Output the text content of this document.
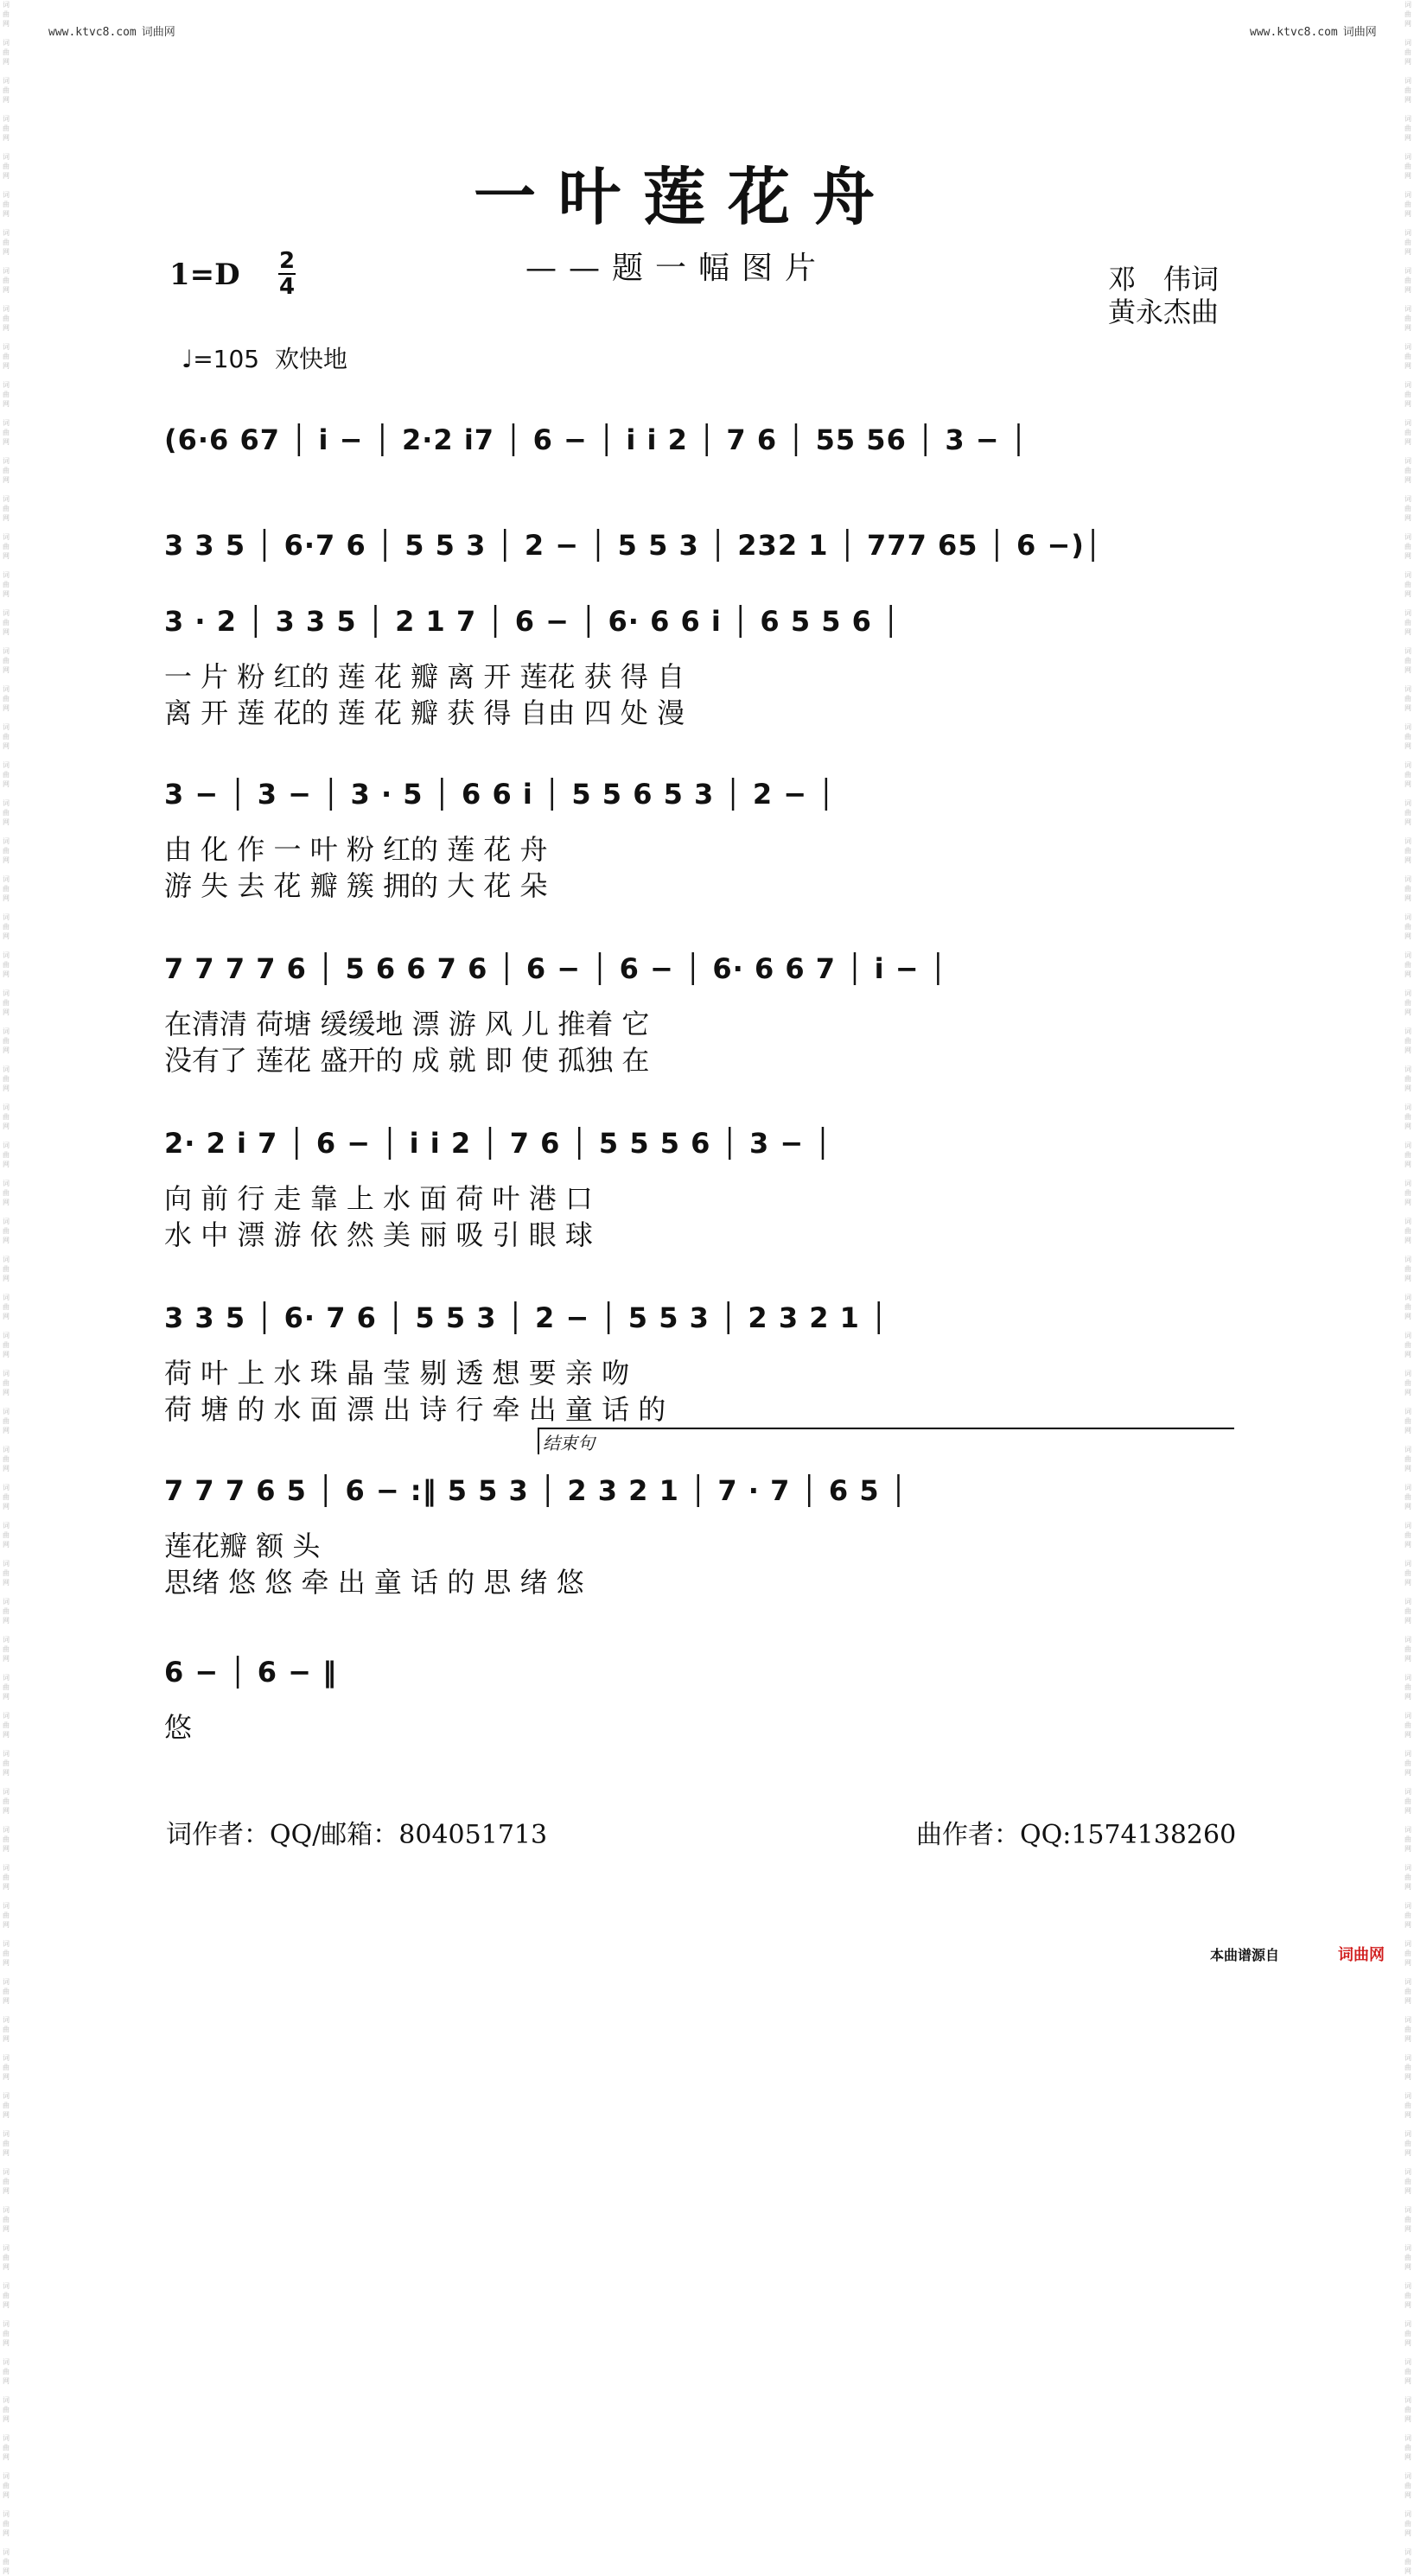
www.ktvc8.com 词曲网	www.ktvc8.com 词曲网
词
曲
网

词
曲
网

词
曲
网

词
曲
网

词
曲
网

词
曲
网

词
曲
网

词
曲
网

词
曲
网

词
曲
网

词
曲
网

词
曲
网

词
曲
网

词
曲
网

词
曲
网

词
曲
网

词
曲
网

词
曲
网

词
曲
网

词
曲
网

词
曲
网

词
曲
网

词
曲
网

词
曲
网

词
曲
网

词
曲
网

词
曲
网

词
曲
网

词
曲
网

词
曲
网

词
曲
网

词
曲
网

词
曲
网

词
曲
网

词
曲
网

词
曲
网

词
曲
网

词
曲
网

词
曲
网

词
曲
网

词
曲
网

词
曲
网

词
曲
网

词
曲
网

词
曲
网

词
曲
网

词
曲
网

词
曲
网

词
曲
网

词
曲
网

词
曲
网

词
曲
网

词
曲
网

词
曲
网

词
曲
网

词
曲
网

词
曲
网

词
曲
网

词
曲
网

词
曲
网

词
曲
网

词
曲
网

词
曲
网

词
曲
网

词
曲
网

词
曲
网

词
曲
网

词
曲
网

词
曲
网

词
曲
网

词
曲
网

词
曲
网

词
曲
网

词
曲
网

词
曲
网

词
曲
网

词
曲
网

词
曲
网

词
曲
网

词
曲
网

词
曲
网

词
曲
网

词
曲
网

词
曲
网

词
曲
网

词
曲
网

词
曲
网

词
曲
网

词
曲
网

词
曲
网

词
曲
网

词
曲
网

词
曲
网

词
曲
网

词
曲
网

词
曲
网

词
曲
网

词
曲
网

词
曲
网

词
曲
网

词
曲
网

词
曲
网

词
曲
网

词
曲
网

词
曲
网

词
曲
网

词
曲
网

词
曲
网

词
曲
网

词
曲
网

词
曲
网

词
曲
网

词
曲
网

词
曲
网

词
曲
网

词
曲
网

词
曲
网

词
曲
网

词
曲
网

词
曲
网

词
曲
网

词
曲
网

词
曲
网

词
曲
网

词
曲
网

词
曲
网

词
曲
网

词
曲
网

词
曲
网

词
曲
网

词
曲
网

词
曲
网

词
曲
网

词
曲
网

词
曲
网

词
曲
网

一叶莲花舟
——题一幅图片
1=D 2
4
♩=105 欢快地
邓　伟词
黄永杰曲
(6·6 67 │ i − │ 2·2 i7 │ 6 − │ i i 2 │ 7 6 │ 55 56 │ 3 − │
3 3 5 │ 6·7 6 │ 5 5 3 │ 2 − │ 5 5 3 │ 232 1 │ 777 65 │ 6 −)│
3 · 2 │ 3 3 5 │ 2 1 7 │ 6 − │ 6· 6 6 i │ 6 5 5 6 │
一 片 粉 红的 莲 花 瓣 离 开 莲花 获 得 自
离 开 莲 花的 莲 花 瓣 获 得 自由 四 处 漫
3 − │ 3 − │ 3 · 5 │ 6 6 i │ 5 5 6 5 3 │ 2 − │
由 化 作 一 叶 粉 红的 莲 花 舟
游 失 去 花 瓣 簇 拥的 大 花 朵
7 7 7 7 6 │ 5 6 6 7 6 │ 6 − │ 6 − │ 6· 6 6 7 │ i − │
在清清 荷塘 缓缓地 漂 游 风 儿 推着 它
没有了 莲花 盛开的 成 就 即 使 孤独 在
2· 2 i 7 │ 6 − │ i i 2 │ 7 6 │ 5 5 5 6 │ 3 − │
向 前 行 走 靠 上 水 面 荷 叶 港 口
水 中 漂 游 依 然 美 丽 吸 引 眼 球
3 3 5 │ 6· 7 6 │ 5 5 3 │ 2 − │ 5 5 3 │ 2 3 2 1 │
荷 叶 上 水 珠 晶 莹 剔 透 想 要 亲 吻
荷 塘 的 水 面 漂 出 诗 行 牵 出 童 话 的
7 7 7 6 5 │ 6 − :‖ 5 5 3 │ 2 3 2 1 │ 7 · 7 │ 6 5 │
结束句
莲花瓣 额 头
思绪 悠 悠 牵 出 童 话 的 思 绪 悠
6 − │ 6 − ‖
悠
词作者：QQ/邮箱：804051713	曲作者：QQ:1574138260
本曲谱源自	词曲网
